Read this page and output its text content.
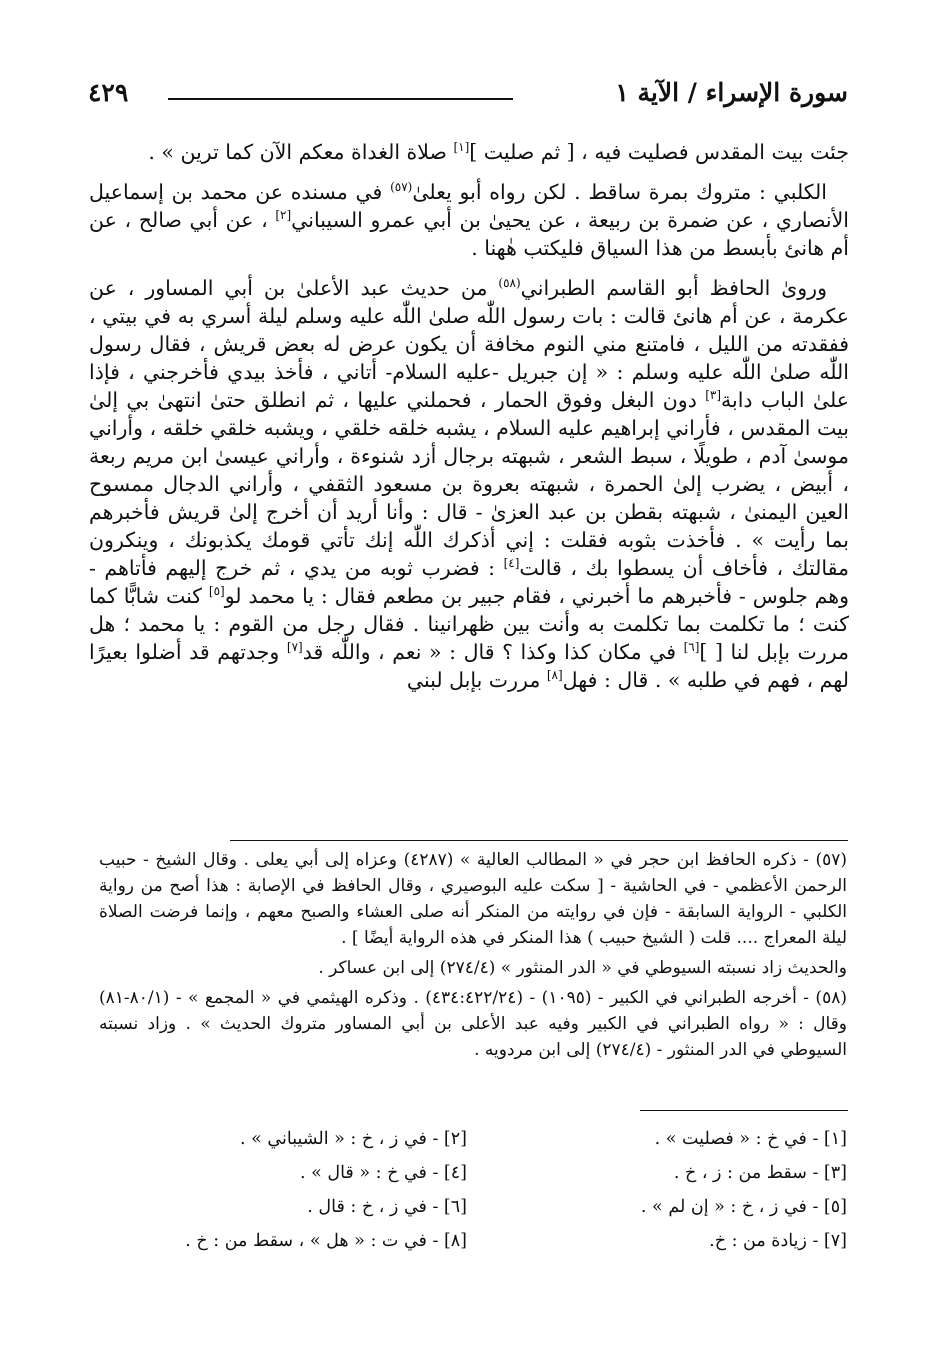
سورة الإسراء / الآية ١
٤٢٩

جئت بيت المقدس فصليت فيه ، [ ثم صليت ][١] صلاة الغداة معكم الآن كما ترين » .

الكلبي : متروك بمرة ساقط . لكن رواه أبو يعلىٰ$^{(٥٧)}$ في مسنده عن محمد بن إسماعيل الأنصاري ، عن ضمرة بن ربيعة ، عن يحيىٰ بن أبي عمرو السيباني[٢] ، عن أبي صالح ، عن أم هانئ بأبسط من هذا السياق فليكتب هٰهنا .

وروىٰ الحافظ أبو القاسم الطبراني$^{(٥٨)}$ من حديث عبد الأعلىٰ بن أبي المساور ، عن عكرمة ، عن أم هانئ قالت : بات رسول اللّٰه صلىٰ اللّٰه عليه وسلم ليلة أسري به في بيتي ، ففقدته من الليل ، فامتنع مني النوم مخافة أن يكون عرض له بعض قريش ، فقال رسول اللّٰه صلىٰ اللّٰه عليه وسلم : « إن جبريل -عليه السلام- أتاني ، فأخذ بيدي فأخرجني ، فإذا علىٰ الباب دابة[٣] دون البغل وفوق الحمار ، فحملني عليها ، ثم انطلق حتىٰ انتهىٰ بي إلىٰ بيت المقدس ، فأراني إبراهيم عليه السلام ، يشبه خلقه خلقي ، ويشبه خلقي خلقه ، وأراني موسىٰ آدم ، طويلًا ، سبط الشعر ، شبهته برجال أزد شنوءة ، وأراني عيسىٰ ابن مريم ربعة ، أبيض ، يضرب إلىٰ الحمرة ، شبهته بعروة بن مسعود الثقفي ، وأراني الدجال ممسوح العين اليمنىٰ ، شبهته بقطن بن عبد العزىٰ - قال : وأنا أريد أن أخرج إلىٰ قريش فأخبرهم بما رأيت » . فأخذت بثوبه فقلت : إني أذكرك اللّٰه إنك تأتي قومك يكذبونك ، وينكرون مقالتك ، فأخاف أن يسطوا بك ، قالت[٤] : فضرب ثوبه من يدي ، ثم خرج إليهم فأتاهم - وهم جلوس - فأخبرهم ما أخبرني ، فقام جبير بن مطعم فقال : يا محمد لو[٥] كنت شابًّا كما كنت ؛ ما تكلمت بما تكلمت به وأنت بين ظهرانينا . فقال رجل من القوم : يا محمد ؛ هل مررت بإبل لنا [ ][٦] في مكان كذا وكذا ؟ قال : « نعم ، واللّٰه قد[٧] وجدتهم قد أضلوا بعيرًا لهم ، فهم في طلبه » . قال : فهل[٨] مررت بإبل لبني

(٥٧) - ذكره الحافظ ابن حجر في « المطالب العالية » (٤٢٨٧) وعزاه إلى أبي يعلى . وقال الشيخ - حبيب الرحمن الأعظمي - في الحاشية - [ سكت عليه البوصيري ، وقال الحافظ في الإصابة : هذا أصح من رواية الكلبي - الرواية السابقة - فإن في روايته من المنكر أنه صلى العشاء والصبح معهم ، وإنما فرضت الصلاة ليلة المعراج .... قلت ( الشيخ حبيب ) هذا المنكر في هذه الرواية أيضًا ] .

والحديث زاد نسبته السيوطي في « الدر المنثور » (٢٧٤/٤) إلى ابن عساكر .

(٥٨) - أخرجه الطبراني في الكبير - (١٠٩٥) - (٤٣٤:٤٢٢/٢٤) . وذكره الهيثمي في « المجمع » - (٨٠/١-٨١) وقال : « رواه الطبراني في الكبير وفيه عبد الأعلى بن أبي المساور متروك الحديث » . وزاد نسبته السيوطي في الدر المنثور - (٢٧٤/٤) إلى ابن مردويه .

[١] - في خ : « فصليت » .
[٢] - في ز ، خ : « الشيباني » .
[٣] - سقط من : ز ، خ .
[٤] - في خ : « قال » .
[٥] - في ز ، خ : « إن لم » .
[٦] - في ز ، خ : قال .
[٧] - زيادة من : خ.
[٨] - في ت : « هل » ، سقط من : خ .
